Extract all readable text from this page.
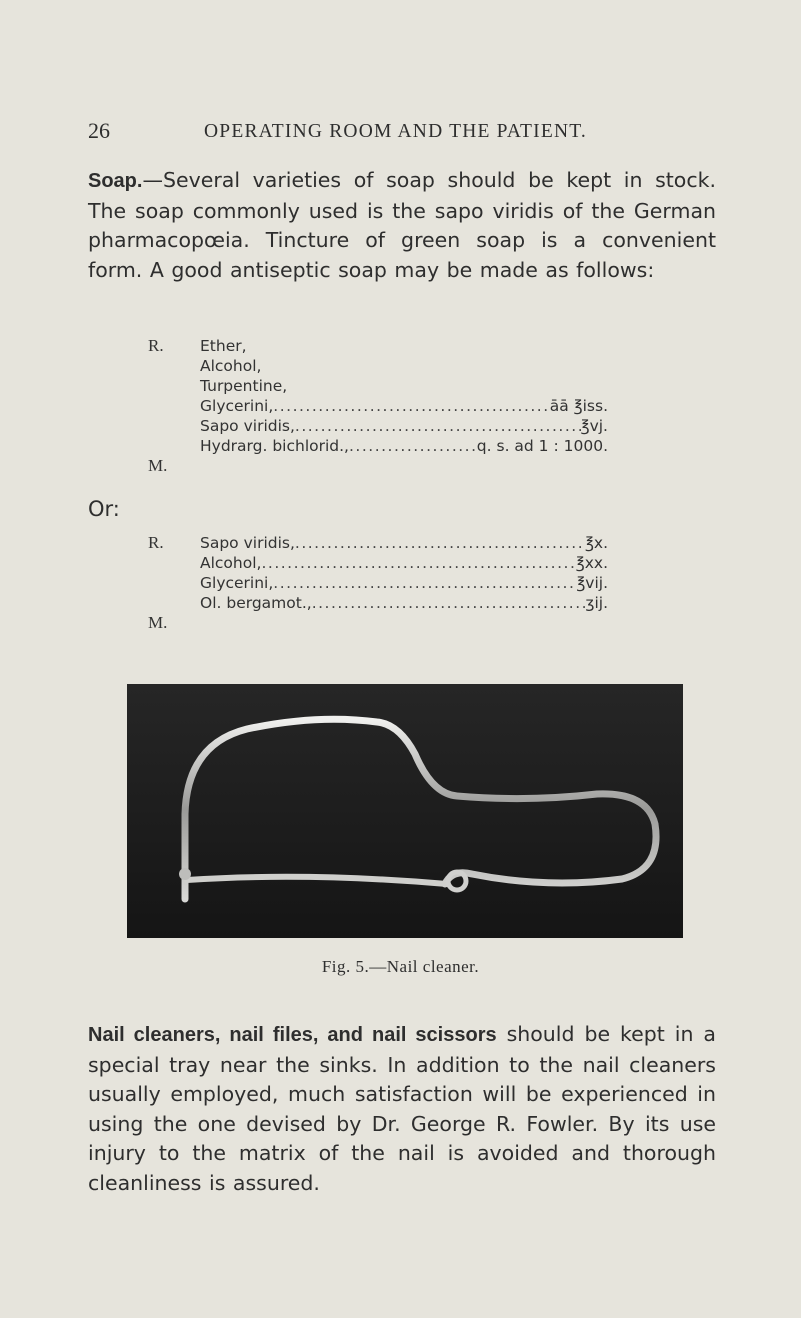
26	OPERATING ROOM AND THE PATIENT.
Soap.—Several varieties of soap should be kept in stock. The soap commonly used is the sapo viridis of the German pharmacopœia. Tincture of green soap is a convenient form. A good antiseptic soap may be made as follows:
R. Ether,
Alcohol,
Turpentine,
Glycerini, .....	āā ℥iss.
Sapo viridis, .....	℥vj.
Hydrarg. bichlorid., .....	q. s. ad 1 : 1000.
M.
Or:
R. Sapo viridis, .....	℥x.
Alcohol, .....	℥xx.
Glycerini, .....	℥vij.
Ol. bergamot., .....	ʒij.
M.
Fig. 5.—Nail cleaner.
Nail cleaners, nail files, and nail scissors should be kept in a special tray near the sinks. In addition to the nail cleaners usually employed, much satisfaction will be experienced in using the one devised by Dr. George R. Fowler. By its use injury to the matrix of the nail is avoided and thorough cleanliness is assured.
